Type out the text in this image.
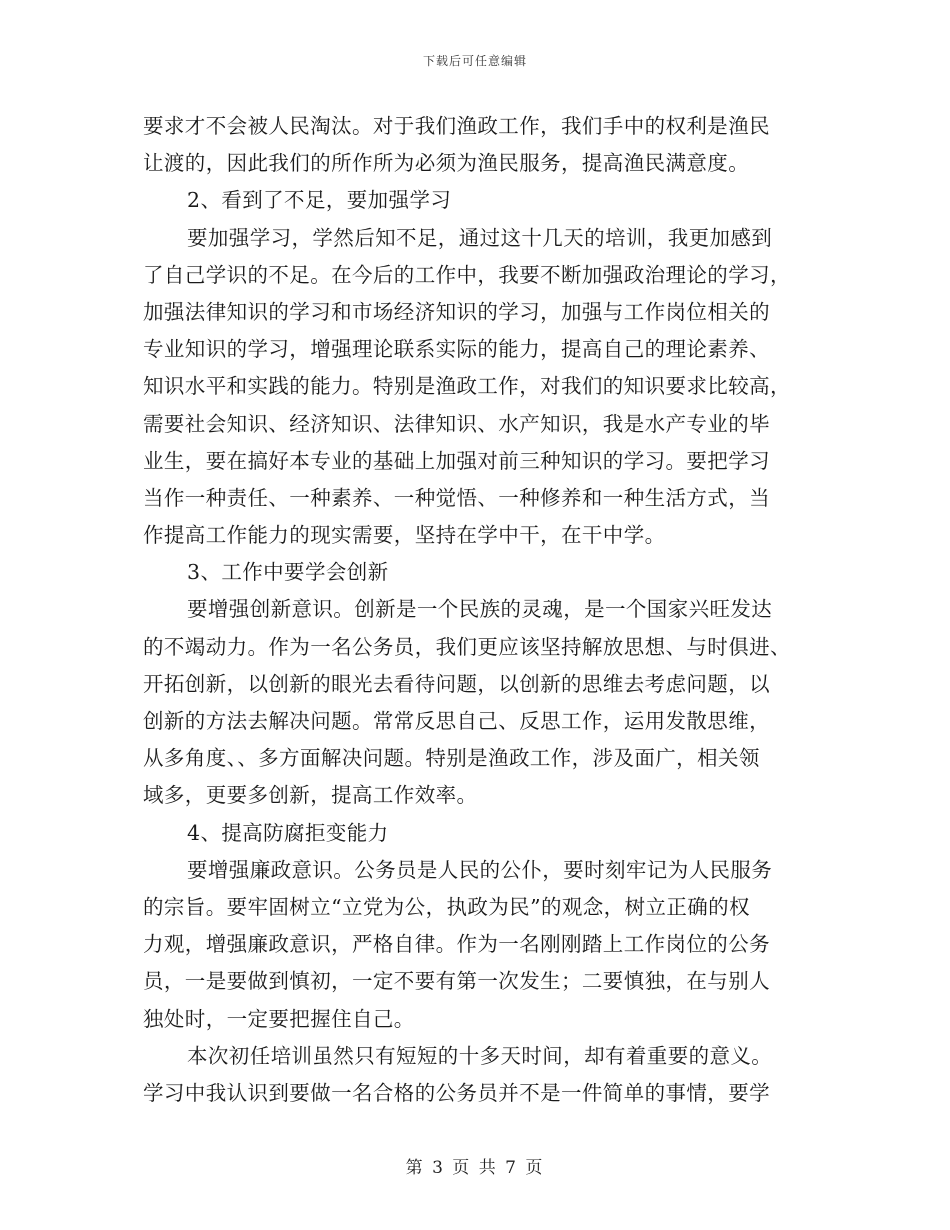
下载后可任意编辑
要求才不会被人民淘汰。对于我们渔政工作，我们手中的权利是渔民
让渡的，因此我们的所作所为必须为渔民服务，提高渔民满意度。
2、看到了不足，要加强学习
要加强学习，学然后知不足，通过这十几天的培训，我更加感到
了自己学识的不足。在今后的工作中，我要不断加强政治理论的学习，
加强法律知识的学习和市场经济知识的学习，加强与工作岗位相关的
专业知识的学习，增强理论联系实际的能力，提高自己的理论素养、
知识水平和实践的能力。特别是渔政工作，对我们的知识要求比较高，
需要社会知识、经济知识、法律知识、水产知识，我是水产专业的毕
业生，要在搞好本专业的基础上加强对前三种知识的学习。要把学习
当作一种责任、一种素养、一种觉悟、一种修养和一种生活方式，当
作提高工作能力的现实需要，坚持在学中干，在干中学。
3、工作中要学会创新
要增强创新意识。创新是一个民族的灵魂，是一个国家兴旺发达
的不竭动力。作为一名公务员，我们更应该坚持解放思想、与时俱进、
开拓创新，以创新的眼光去看待问题，以创新的思维去考虑问题，以
创新的方法去解决问题。常常反思自己、反思工作，运用发散思维，
从多角度、、多方面解决问题。特别是渔政工作，涉及面广，相关领
域多，更要多创新，提高工作效率。
4、提高防腐拒变能力
要增强廉政意识。公务员是人民的公仆，要时刻牢记为人民服务
的宗旨。要牢固树立“立党为公，执政为民”的观念，树立正确的权
力观，增强廉政意识，严格自律。作为一名刚刚踏上工作岗位的公务
员，一是要做到慎初，一定不要有第一次发生；二要慎独，在与别人
独处时，一定要把握住自己。
本次初任培训虽然只有短短的十多天时间，却有着重要的意义。
学习中我认识到要做一名合格的公务员并不是一件简单的事情，要学
第 3 页 共 7 页
